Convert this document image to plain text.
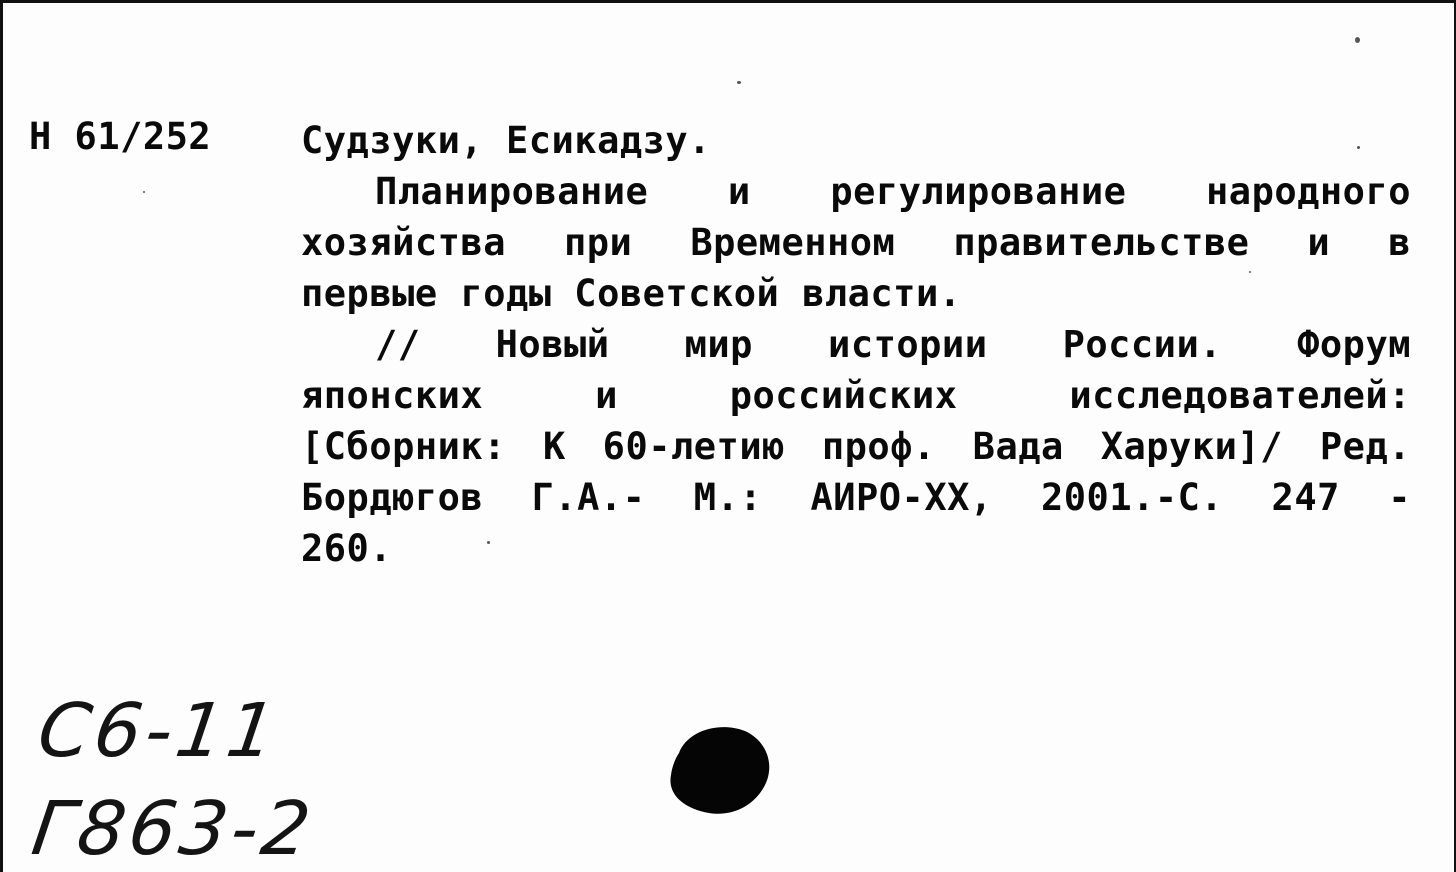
Н 61/252 Судзуки, Есикадзу.
Планирование и регулирование народного
хозяйства при Временном правительстве и в
первые годы Советской власти.
// Новый мир истории России. Форум
японских и российских исследователей:
[Сборник: К 60-летию проф. Вада Харуки]/ Ред.
Бордюгов Г.А.- М.: АИРО-ХХ, 2001.-С. 247 -
260.
С6-11
Г863-2
